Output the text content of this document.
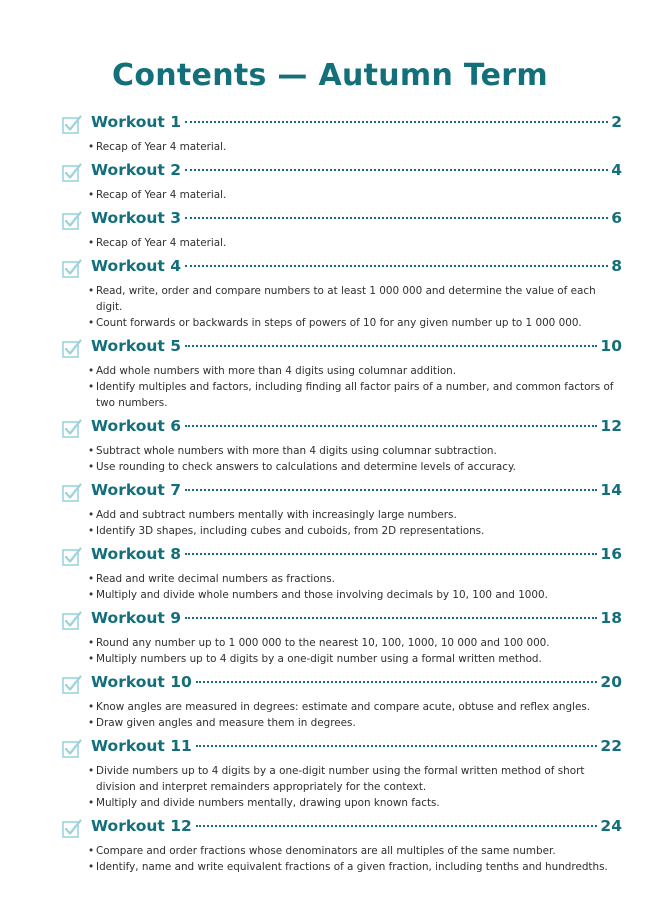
Contents — Autumn Term
Workout 1	2
• Recap of Year 4 material.
Workout 2	4
• Recap of Year 4 material.
Workout 3	6
• Recap of Year 4 material.
Workout 4	8
• Read, write, order and compare numbers to at least 1 000 000 and determine the value of each digit.
• Count forwards or backwards in steps of powers of 10 for any given number up to 1 000 000.
Workout 5	10
• Add whole numbers with more than 4 digits using columnar addition.
• Identify multiples and factors, including finding all factor pairs of a number, and common factors of two numbers.
Workout 6	12
• Subtract whole numbers with more than 4 digits using columnar subtraction.
• Use rounding to check answers to calculations and determine levels of accuracy.
Workout 7	14
• Add and subtract numbers mentally with increasingly large numbers.
• Identify 3D shapes, including cubes and cuboids, from 2D representations.
Workout 8	16
• Read and write decimal numbers as fractions.
• Multiply and divide whole numbers and those involving decimals by 10, 100 and 1000.
Workout 9	18
• Round any number up to 1 000 000 to the nearest 10, 100, 1000, 10 000 and 100 000.
• Multiply numbers up to 4 digits by a one-digit number using a formal written method.
Workout 10	20
• Know angles are measured in degrees: estimate and compare acute, obtuse and reflex angles.
• Draw given angles and measure them in degrees.
Workout 11	22
• Divide numbers up to 4 digits by a one-digit number using the formal written method of short division and interpret remainders appropriately for the context.
• Multiply and divide numbers mentally, drawing upon known facts.
Workout 12	24
• Compare and order fractions whose denominators are all multiples of the same number.
• Identify, name and write equivalent fractions of a given fraction, including tenths and hundredths.
